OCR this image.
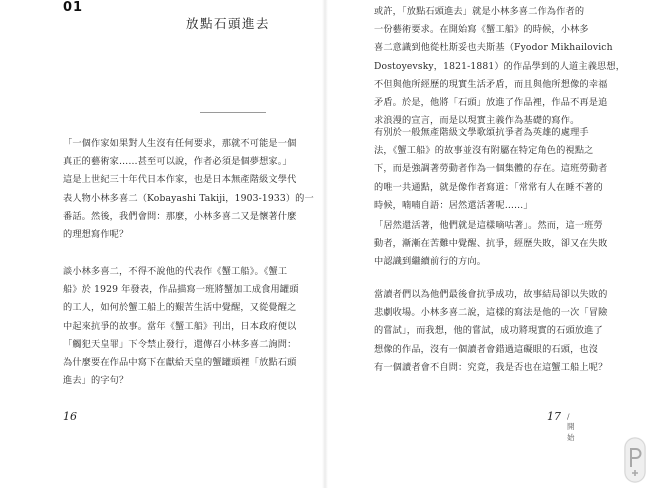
01
放點石頭進去
「一個作家如果對人生沒有任何要求，那就不可能是一個
真正的藝術家……甚至可以說，作者必須是個夢想家。」
這是上世紀三十年代日本作家，也是日本無產階級文學代
表人物小林多喜二（Kobayashi Takiji，1903-1933）的一
番話。然後，我們會問：那麼，小林多喜二又是懷著什麼
的理想寫作呢？
談小林多喜二，不得不說他的代表作《蟹工船》。《蟹工
船》於 1929 年發表，作品描寫一班將蟹加工成食用罐頭
的工人，如何於蟹工船上的艱苦生活中覺醒，又從覺醒之
中起來抗爭的故事。當年《蟹工船》刊出，日本政府便以
「觸犯天皇罪」下令禁止發行，還傳召小林多喜二詢問：
為什麼要在作品中寫下在獻給天皇的蟹罐頭裡「放點石頭
進去」的字句？
16
或許，「放點石頭進去」就是小林多喜二作為作者的
一份藝術要求。在開始寫《蟹工船》的時候，小林多
喜二意識到他從杜斯妥也夫斯基（Fyodor Mikhailovich
Dostoyevsky，1821-1881）的作品學到的人道主義思想，
不但與他所經歷的現實生活矛盾，而且與他所想像的幸福
矛盾。於是，他將「石頭」放進了作品裡，作品不再是追
求浪漫的宣言，而是以現實主義作為基礎的寫作。
有別於一般無產階級文學歌頌抗爭者為英雄的處理手
法，《蟹工船》的故事並沒有附屬在特定角色的視點之
下，而是強調著勞動者作為一個集體的存在。這班勞動者
的唯一共通點，就是像作者寫道：「常常有人在睡不著的
時候，喃喃自語：居然還活著呢……」
「居然還活著，他們就是這樣嘀咕著」。然而，這一班勞
動者，漸漸在苦難中覺醒、抗爭，經歷失敗，卻又在失敗
中認識到繼續前行的方向。
當讀者們以為他們最後會抗爭成功，故事結局卻以失敗的
悲劇收場。小林多喜二說，這樣的寫法是他的一次「冒險
的嘗試」，而我想，他的嘗試，成功將現實的石頭放進了
想像的作品，沒有一個讀者會錯過這礙眼的石頭，也沒
有一個讀者會不自問：究竟，我是否也在這蟹工船上呢？
17 / 開始
